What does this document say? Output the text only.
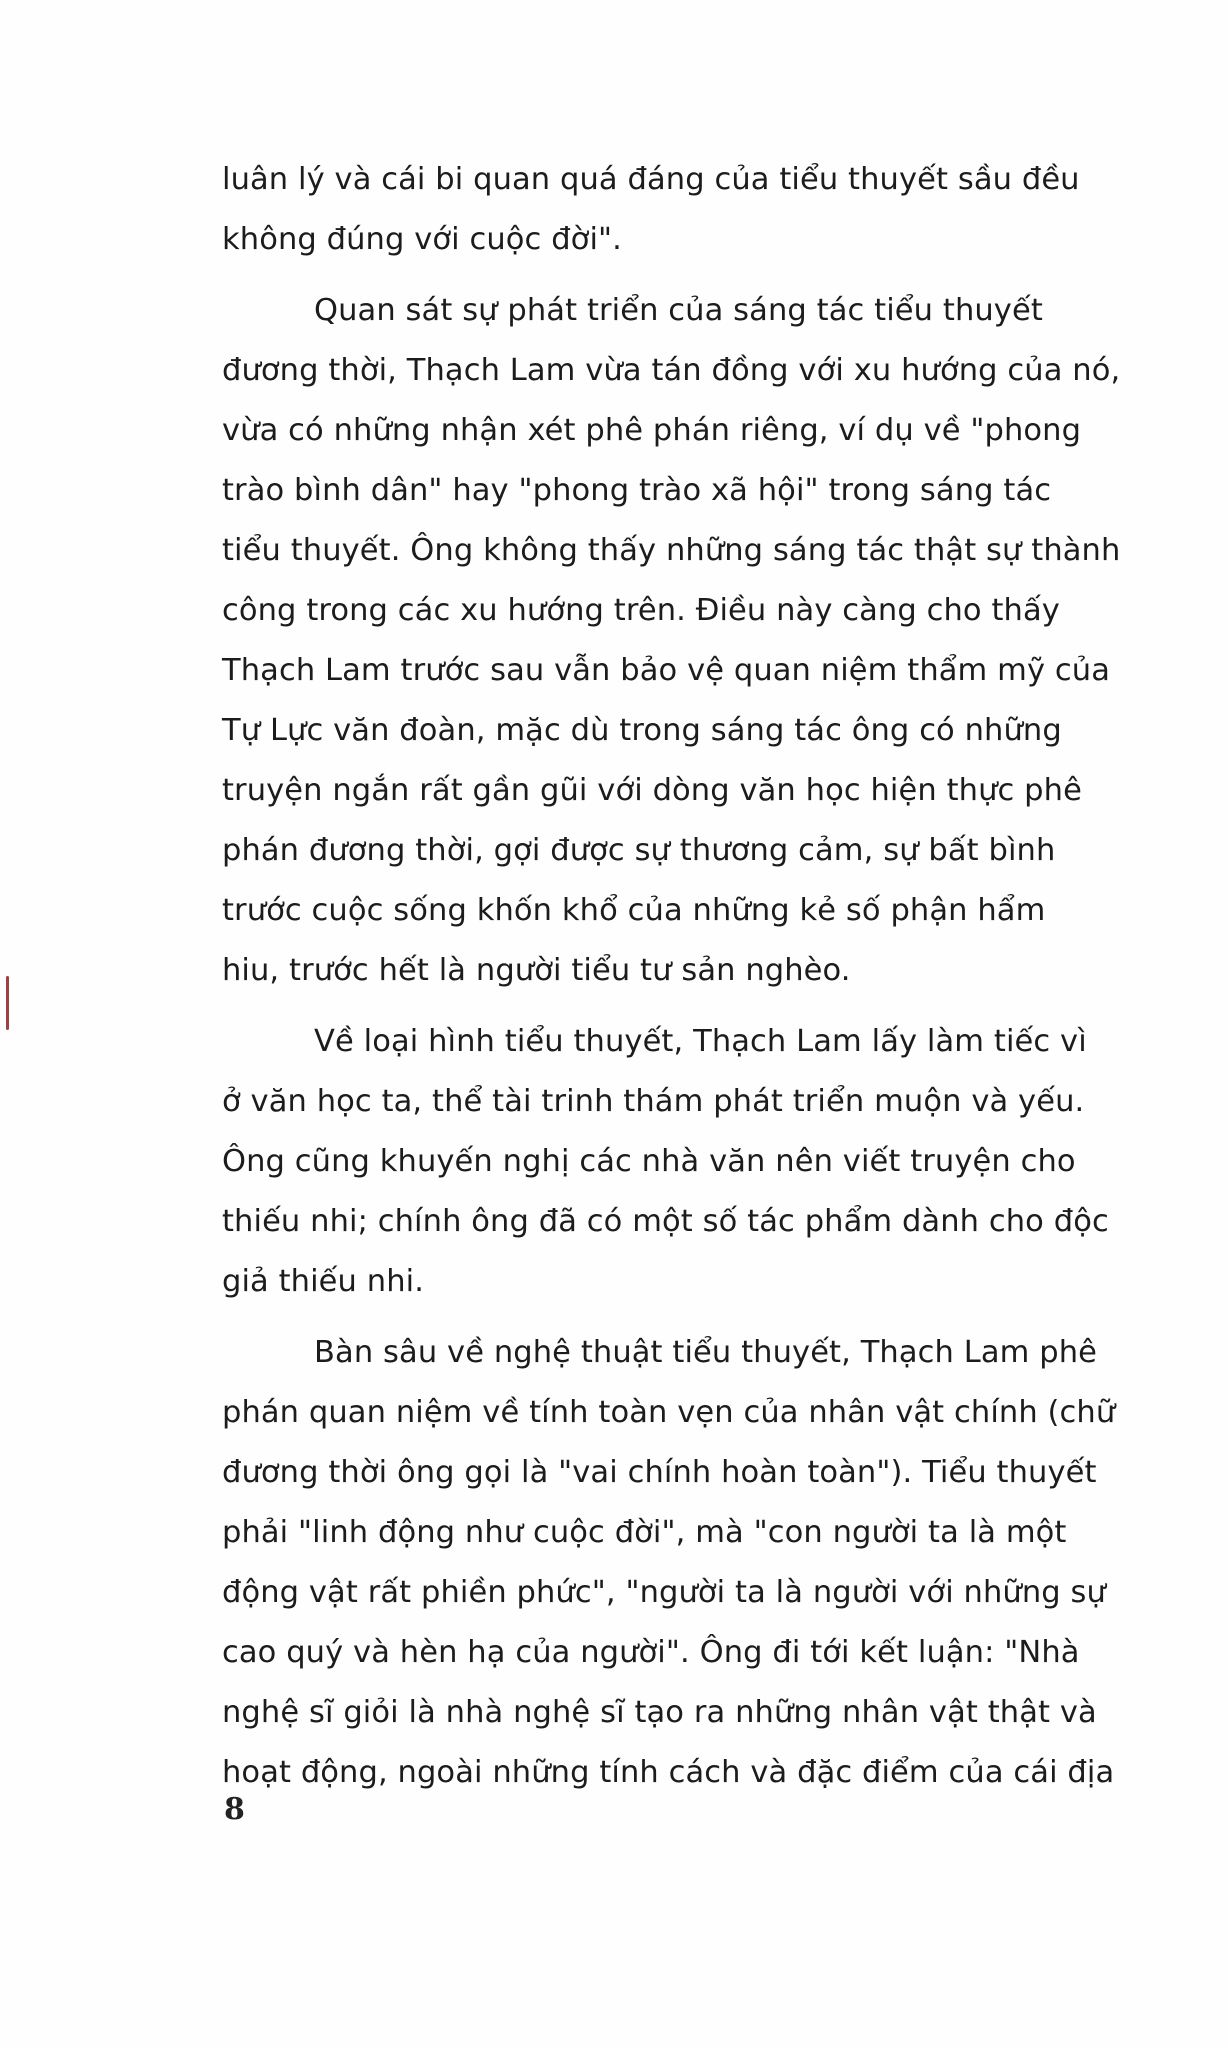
luân lý và cái bi quan quá đáng của tiểu thuyết sầu đều
không đúng với cuộc đời".
Quan sát sự phát triển của sáng tác tiểu thuyết
đương thời, Thạch Lam vừa tán đồng với xu hướng của nó,
vừa có những nhận xét phê phán riêng, ví dụ về "phong
trào bình dân" hay "phong trào xã hội" trong sáng tác
tiểu thuyết. Ông không thấy những sáng tác thật sự thành
công trong các xu hướng trên. Điều này càng cho thấy
Thạch Lam trước sau vẫn bảo vệ quan niệm thẩm mỹ của
Tự Lực văn đoàn, mặc dù trong sáng tác ông có những
truyện ngắn rất gần gũi với dòng văn học hiện thực phê
phán đương thời, gợi được sự thương cảm, sự bất bình
trước cuộc sống khốn khổ của những kẻ số phận hẩm
hiu, trước hết là người tiểu tư sản nghèo.
Về loại hình tiểu thuyết, Thạch Lam lấy làm tiếc vì
ở văn học ta, thể tài trinh thám phát triển muộn và yếu.
Ông cũng khuyến nghị các nhà văn nên viết truyện cho
thiếu nhi; chính ông đã có một số tác phẩm dành cho độc
giả thiếu nhi.
Bàn sâu về nghệ thuật tiểu thuyết, Thạch Lam phê
phán quan niệm về tính toàn vẹn của nhân vật chính (chữ
đương thời ông gọi là "vai chính hoàn toàn"). Tiểu thuyết
phải "linh động như cuộc đời", mà "con người ta là một
động vật rất phiền phức", "người ta là người với những sự
cao quý và hèn hạ của người". Ông đi tới kết luận: "Nhà
nghệ sĩ giỏi là nhà nghệ sĩ tạo ra những nhân vật thật và
hoạt động, ngoài những tính cách và đặc điểm của cái địa
8
